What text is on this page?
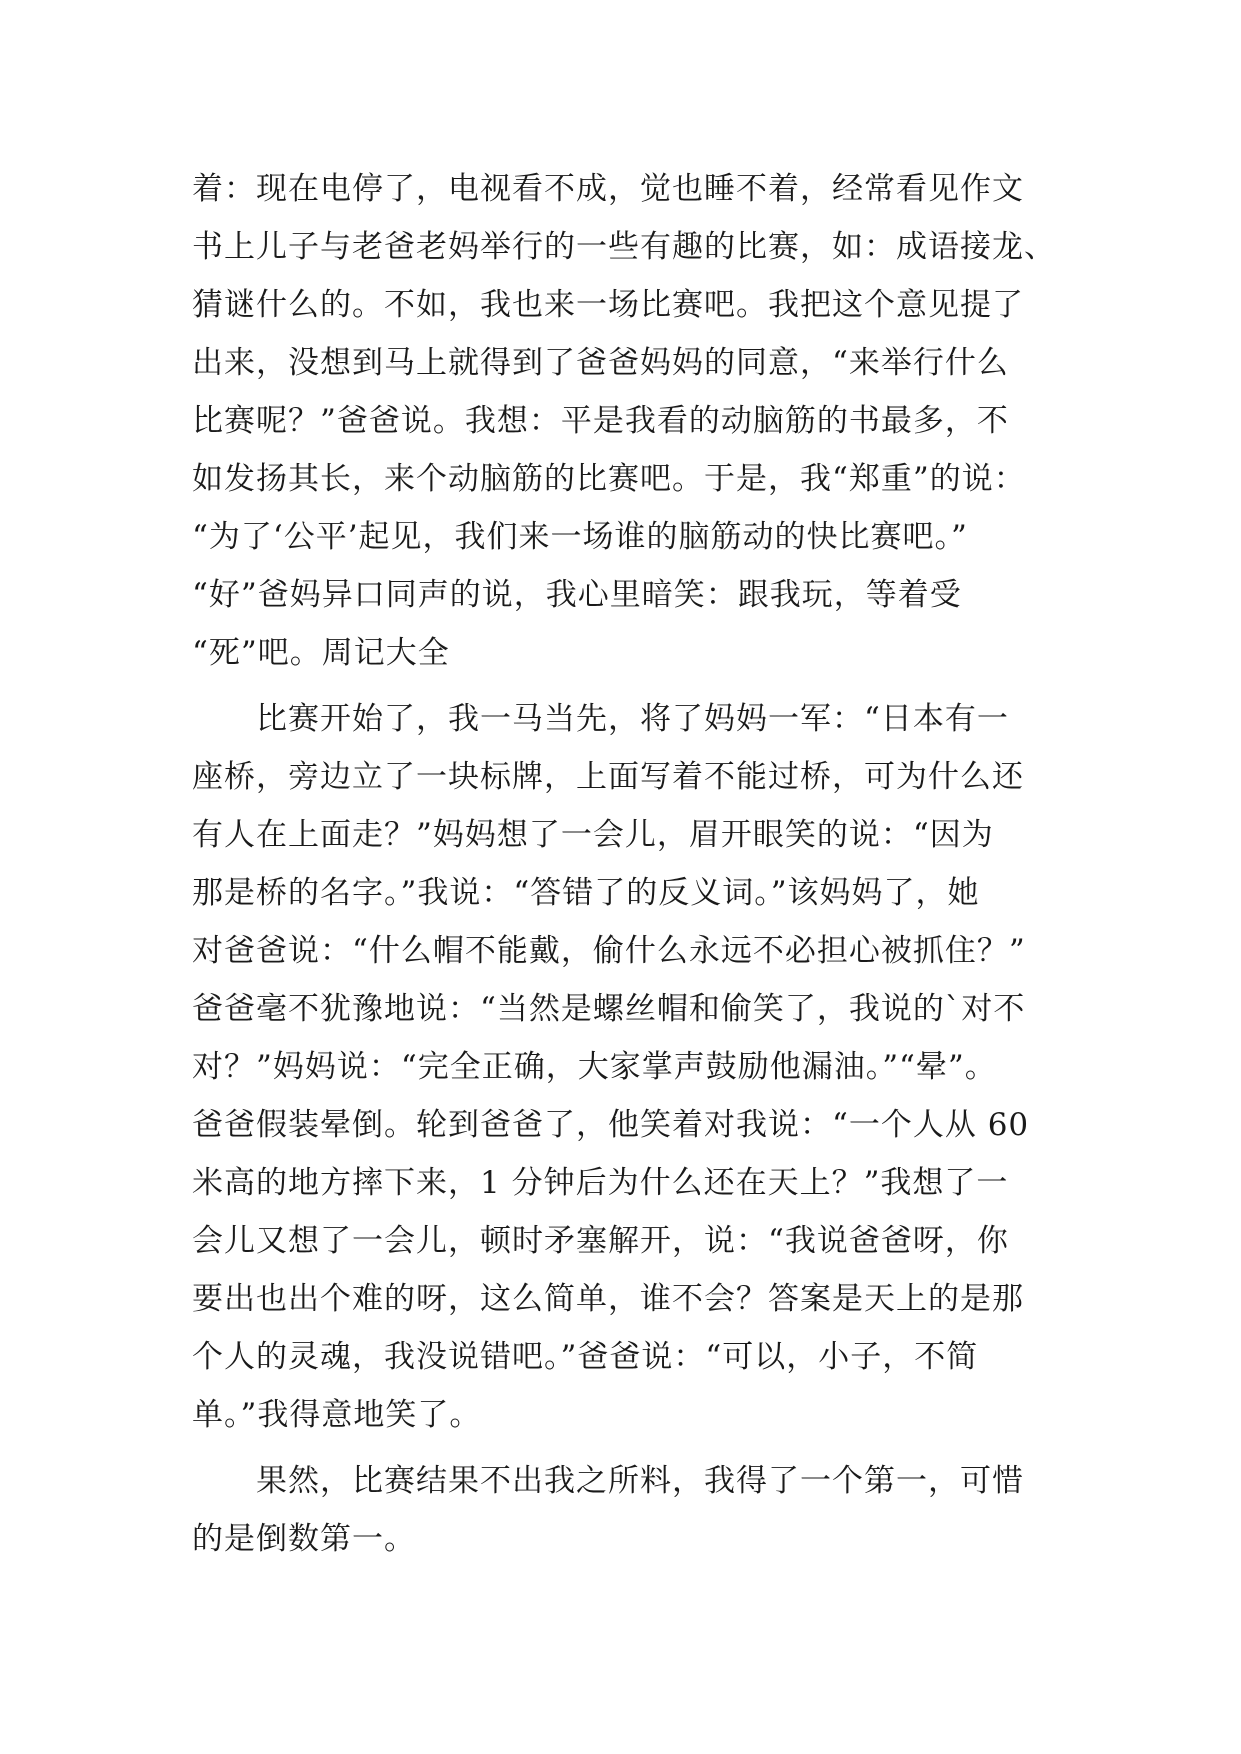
着：现在电停了，电视看不成，觉也睡不着，经常看见作文
书上儿子与老爸老妈举行的一些有趣的比赛，如：成语接龙、
猜谜什么的。不如，我也来一场比赛吧。我把这个意见提了
出来，没想到马上就得到了爸爸妈妈的同意，“来举行什么
比赛呢？”爸爸说。我想：平是我看的动脑筋的书最多，不
如发扬其长，来个动脑筋的比赛吧。于是，我“郑重”的说：
“为了‘公平’起见，我们来一场谁的脑筋动的快比赛吧。”
“好”爸妈异口同声的说，我心里暗笑：跟我玩，等着受
“死”吧。周记大全
　　比赛开始了，我一马当先，将了妈妈一军：“日本有一
座桥，旁边立了一块标牌，上面写着不能过桥，可为什么还
有人在上面走？”妈妈想了一会儿，眉开眼笑的说：“因为
那是桥的名字。”我说：“答错了的反义词。”该妈妈了，她
对爸爸说：“什么帽不能戴，偷什么永远不必担心被抓住？”
爸爸毫不犹豫地说：“当然是螺丝帽和偷笑了，我说的`对不
对？”妈妈说：“完全正确，大家掌声鼓励他漏油。”“晕”。
爸爸假装晕倒。轮到爸爸了，他笑着对我说：“一个人从 60
米高的地方摔下来，1 分钟后为什么还在天上？”我想了一
会儿又想了一会儿，顿时矛塞解开，说：“我说爸爸呀，你
要出也出个难的呀，这么简单，谁不会？答案是天上的是那
个人的灵魂，我没说错吧。”爸爸说：“可以，小子，不简
单。”我得意地笑了。
　　果然，比赛结果不出我之所料，我得了一个第一，可惜
的是倒数第一。
